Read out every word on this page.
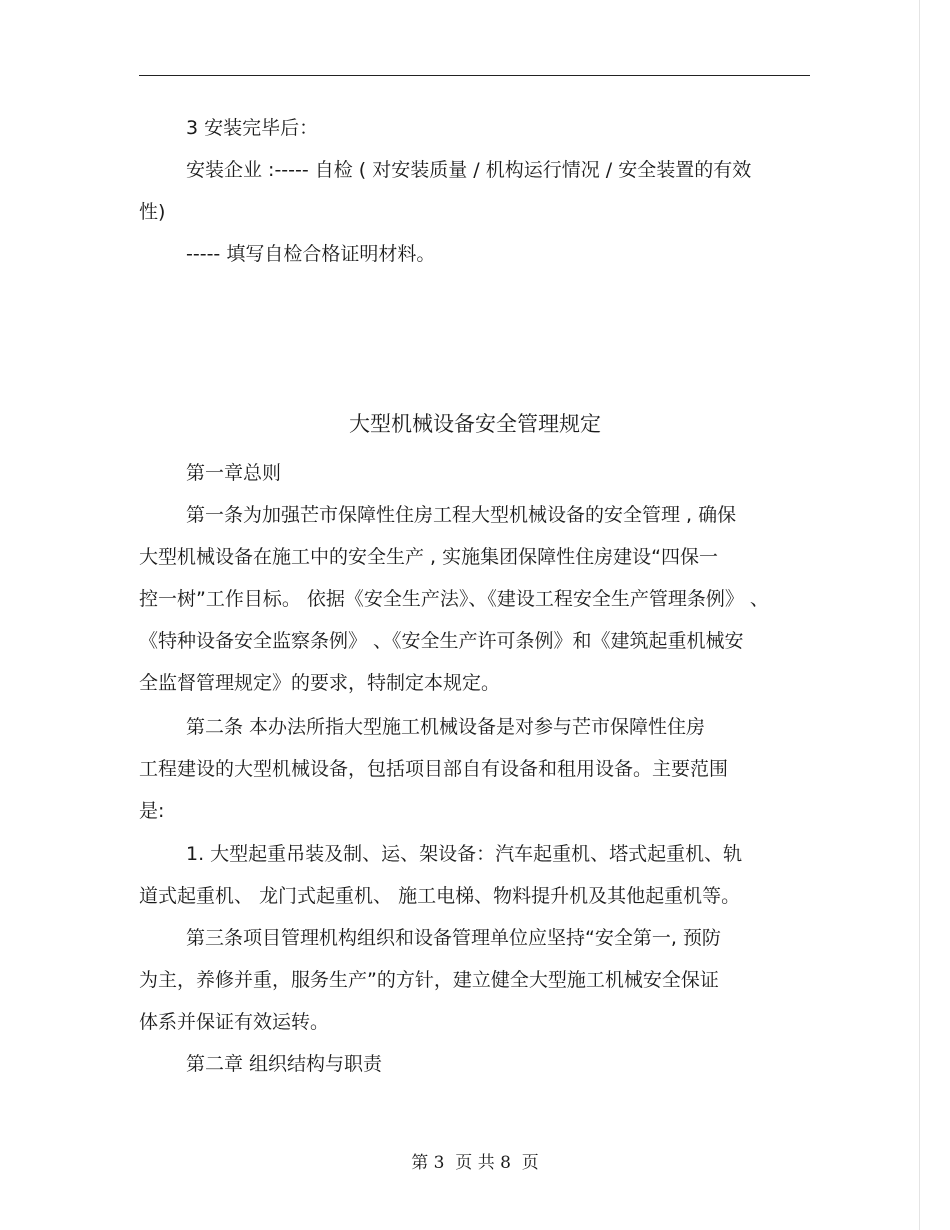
3 安装完毕后：
安装企业 :----- 自检 ( 对安装质量 / 机构运行情况 / 安全装置的有效
性)
----- 填写自检合格证明材料。
大型机械设备安全管理规定
第一章总则
第一条为加强芒市保障性住房工程大型机械设备的安全管理 , 确保
大型机械设备在施工中的安全生产 , 实施集团保障性住房建设“四保一
控一树”工作目标。 依据《安全生产法》、《建设工程安全生产管理条例》 、
《特种设备安全监察条例》 、《安全生产许可条例》和《建筑起重机械安
全监督管理规定》的要求，特制定本规定。
第二条 本办法所指大型施工机械设备是对参与芒市保障性住房
工程建设的大型机械设备，包括项目部自有设备和租用设备。主要范围
是:
1. 大型起重吊装及制、运、架设备：汽车起重机、塔式起重机、轨
道式起重机、 龙门式起重机、 施工电梯、物料提升机及其他起重机等。
第三条项目管理机构组织和设备管理单位应坚持“安全第一, 预防
为主，养修并重，服务生产”的方针，建立健全大型施工机械安全保证
体系并保证有效运转。
第二章 组织结构与职责
第 3  页 共 8  页
